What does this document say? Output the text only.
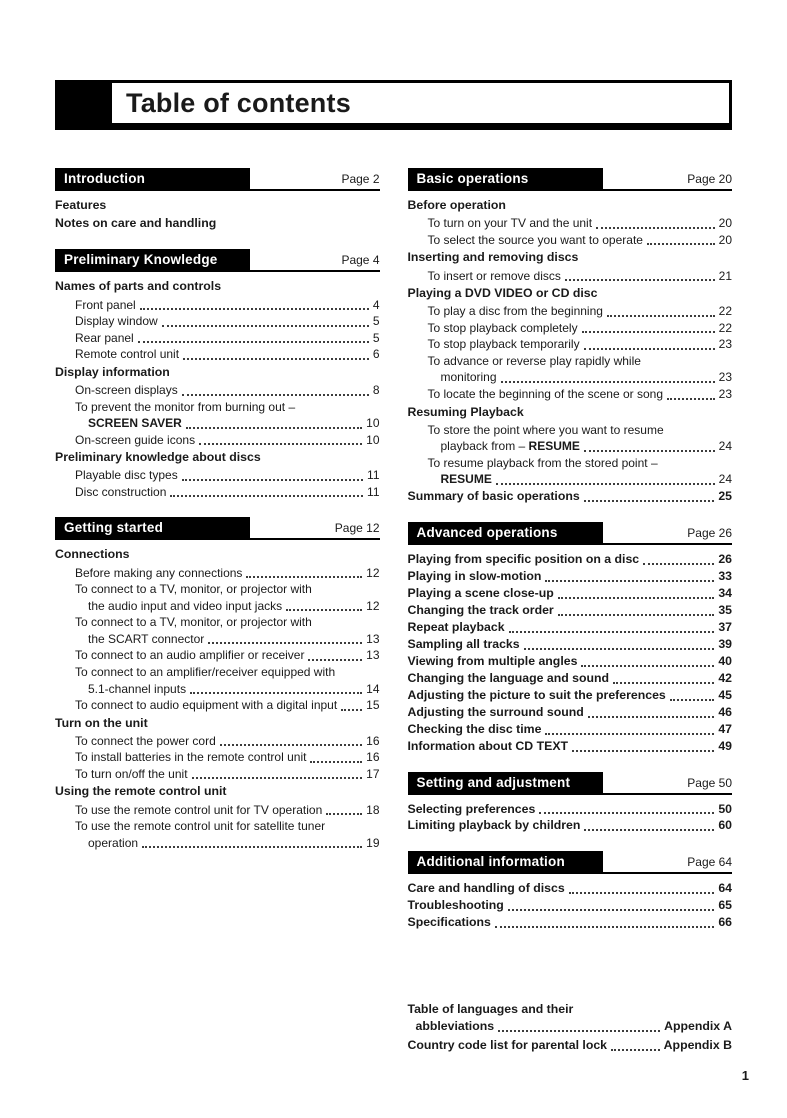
Table of contents
Introduction	Page 2
Features
Notes on care and handling
Preliminary Knowledge	Page 4
Names of parts and controls
Front panel	4
Display window	5
Rear panel	5
Remote control unit	6
Display information
On-screen displays	8
To prevent the monitor from burning out –
SCREEN SAVER	10
On-screen guide icons	10
Preliminary knowledge about discs
Playable disc types	11
Disc construction	11
Getting started	Page 12
Connections
Before making any connections	12
To connect to a TV, monitor, or projector with
the audio input and video input jacks	12
To connect to a TV, monitor, or projector with
the SCART connector	13
To connect to an audio amplifier or receiver	13
To connect to an amplifier/receiver equipped with
5.1-channel inputs	14
To connect to audio equipment with a digital input 15
Turn on the unit
To connect the power cord	16
To install batteries in the remote control unit	16
To turn on/off the unit	17
Using the remote control unit
To use the remote control unit for TV operation	18
To use the remote control unit for satellite tuner
operation	19
Basic operations	Page 20
Before operation
To turn on your TV and the unit	20
To select the source you want to operate	20
Inserting and removing discs
To insert or remove discs	21
Playing a DVD VIDEO or CD disc
To play a disc from the beginning	22
To stop playback completely	22
To stop playback temporarily	23
To advance or reverse play rapidly while
monitoring	23
To locate the beginning of the scene or song	23
Resuming Playback
To store the point where you want to resume
playback from – RESUME	24
To resume playback from the stored point –
RESUME	24
Summary of basic operations	25
Advanced operations	Page 26
Playing from specific position on a disc	26
Playing in slow-motion	33
Playing a scene close-up	34
Changing the track order	35
Repeat playback	37
Sampling all tracks	39
Viewing from multiple angles	40
Changing the language and sound	42
Adjusting the picture to suit the preferences	45
Adjusting the surround sound	46
Checking the disc time	47
Information about CD TEXT	49
Setting and adjustment	Page 50
Selecting preferences	50
Limiting playback by children	60
Additional information	Page 64
Care and handling of discs	64
Troubleshooting	65
Specifications	66
Table of languages and their
abbleviations	Appendix A
Country code list for parental lock	Appendix B
1
